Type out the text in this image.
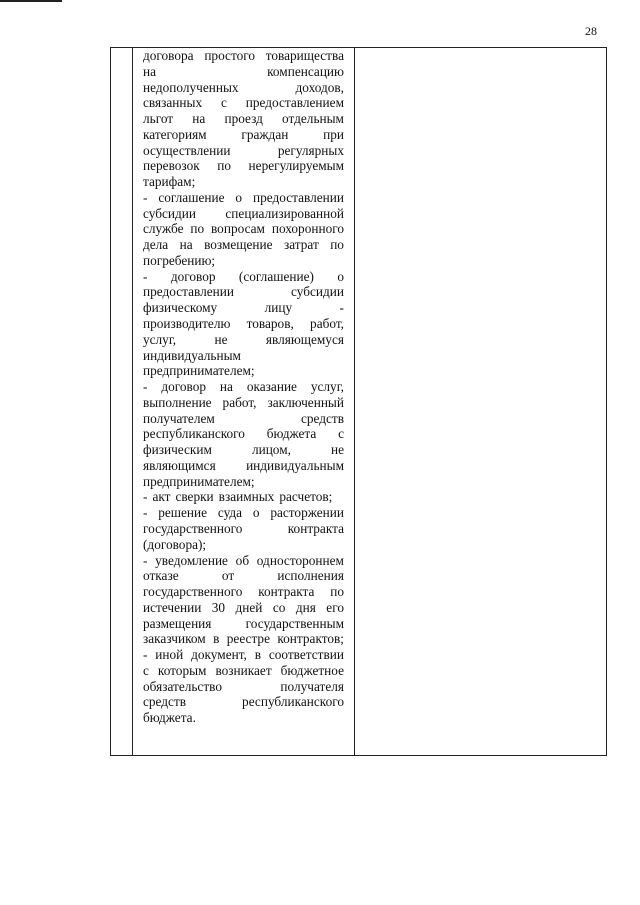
28
договора простого товарищества
на	компенсацию
недополученных	доходов,
связанных с предоставлением
льгот на проезд отдельным
категориям	граждан	при
осуществлении	регулярных
перевозок по нерегулируемым
тарифам;
- соглашение о предоставлении
субсидии специализированной
службе по вопросам похоронного
дела на возмещение затрат по
погребению;
- договор (соглашение) о
предоставлении	субсидии
физическому	лицу	-
производителю товаров, работ,
услуг,	не	являющемуся
индивидуальным
предпринимателем;
- договор на оказание услуг,
выполнение работ, заключенный
получателем	средств
республиканского бюджета с
физическим	лицом,	не
являющимся индивидуальным
предпринимателем;
- акт сверки взаимных расчетов;
- решение суда о расторжении
государственного	контракта
(договора);
- уведомление об одностороннем
отказе	от	исполнения
государственного контракта по
истечении 30 дней со дня его
размещения	государственным
заказчиком в реестре контрактов;
- иной документ, в соответствии
с которым возникает бюджетное
обязательство	получателя
средств	республиканского
бюджета.
